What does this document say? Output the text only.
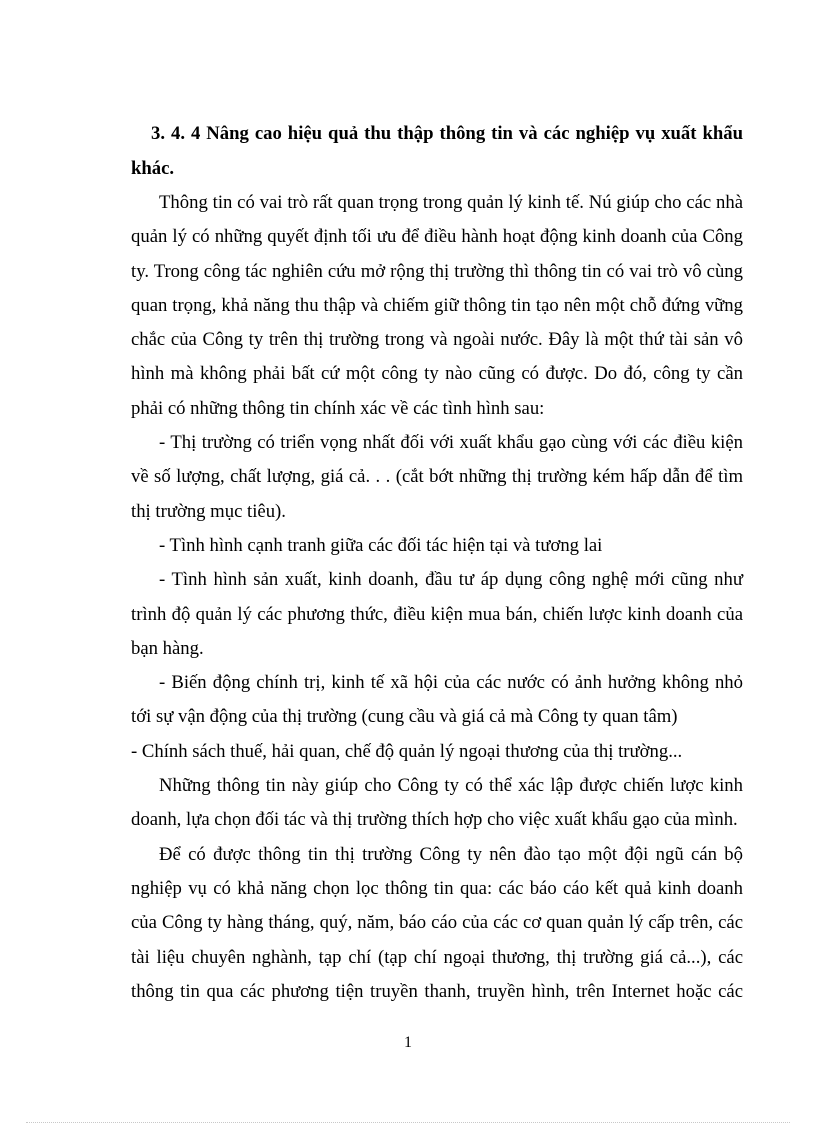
3. 4. 4 Nâng cao hiệu quả thu thập thông tin và các nghiệp vụ xuất khẩu khác.

Thông tin có vai trò rất quan trọng trong quản lý kinh tế. Nú giúp cho các nhà quản lý có những quyết định tối ưu để điều hành hoạt động kinh doanh của Công ty. Trong công tác nghiên cứu mở rộng thị trường thì thông tin có vai trò vô cùng quan trọng, khả năng thu thập và chiếm giữ thông tin tạo nên một chỗ đứng vững chắc của Công ty trên thị trường trong và ngoài nước. Đây là một thứ tài sản vô hình mà không phải bất cứ một công ty nào cũng có được. Do đó, công ty cần phải có những thông tin chính xác về các tình hình sau:

- Thị trường có triển vọng nhất đối với xuất khẩu gạo cùng với các điều kiện về số lượng, chất lượng, giá cả. . . (cắt bớt những thị trường kém hấp dẫn để tìm thị trường mục tiêu).

- Tình hình cạnh tranh giữa các đối tác hiện tại và tương lai

- Tình hình sản xuất, kinh doanh, đầu tư áp dụng công nghệ mới cũng như trình độ quản lý các phương thức, điều kiện mua bán, chiến lược kinh doanh của bạn hàng.

- Biến động chính trị, kinh tế xã hội của các nước có ảnh hưởng không nhỏ tới sự vận động của thị trường (cung cầu và giá cả mà Công ty quan tâm)

- Chính sách thuế, hải quan, chế độ quản lý ngoại thương của thị trường...

Những thông tin này giúp cho Công ty có thể xác lập được chiến lược kinh doanh, lựa chọn đối tác và thị trường thích hợp cho việc xuất khẩu gạo của mình.

Để có được thông tin thị trường Công ty nên đào tạo một đội ngũ cán bộ nghiệp vụ có khả năng chọn lọc thông tin qua: các báo cáo kết quả kinh doanh của Công ty hàng tháng, quý, năm, báo cáo của các cơ quan quản lý cấp trên, các tài liệu chuyên nghành, tạp chí (tạp chí ngoại thương, thị trường giá cả...), các thông tin qua các phương tiện truyền thanh, truyền hình, trên Internet hoặc các

1
